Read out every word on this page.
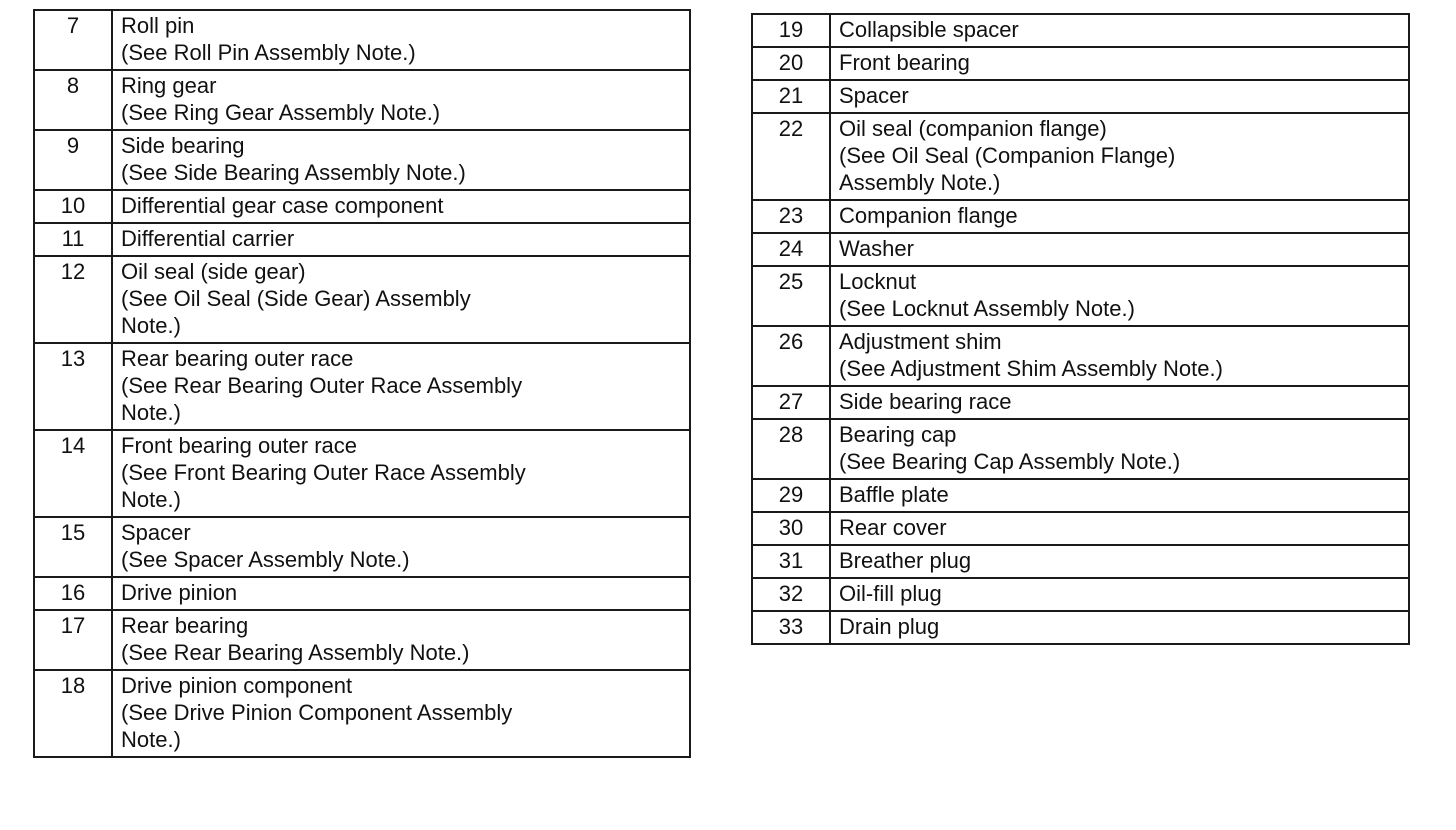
7	Roll pin
(See Roll Pin Assembly Note.)

8	Ring gear
(See Ring Gear Assembly Note.)

9	Side bearing
(See Side Bearing Assembly Note.)

10	Differential gear case component

11	Differential carrier

12	Oil seal (side gear)
(See Oil Seal (Side Gear) Assembly
Note.)

13	Rear bearing outer race
(See Rear Bearing Outer Race Assembly
Note.)

14	Front bearing outer race
(See Front Bearing Outer Race Assembly
Note.)

15	Spacer
(See Spacer Assembly Note.)

16	Drive pinion

17	Rear bearing
(See Rear Bearing Assembly Note.)

18	Drive pinion component
(See Drive Pinion Component Assembly
Note.)
19	Collapsible spacer

20	Front bearing

21	Spacer

22	Oil seal (companion flange)
(See Oil Seal (Companion Flange)
Assembly Note.)

23	Companion flange

24	Washer

25	Locknut
(See Locknut Assembly Note.)

26	Adjustment shim
(See Adjustment Shim Assembly Note.)

27	Side bearing race

28	Bearing cap
(See Bearing Cap Assembly Note.)

29	Baffle plate

30	Rear cover

31	Breather plug

32	Oil-fill plug

33	Drain plug
